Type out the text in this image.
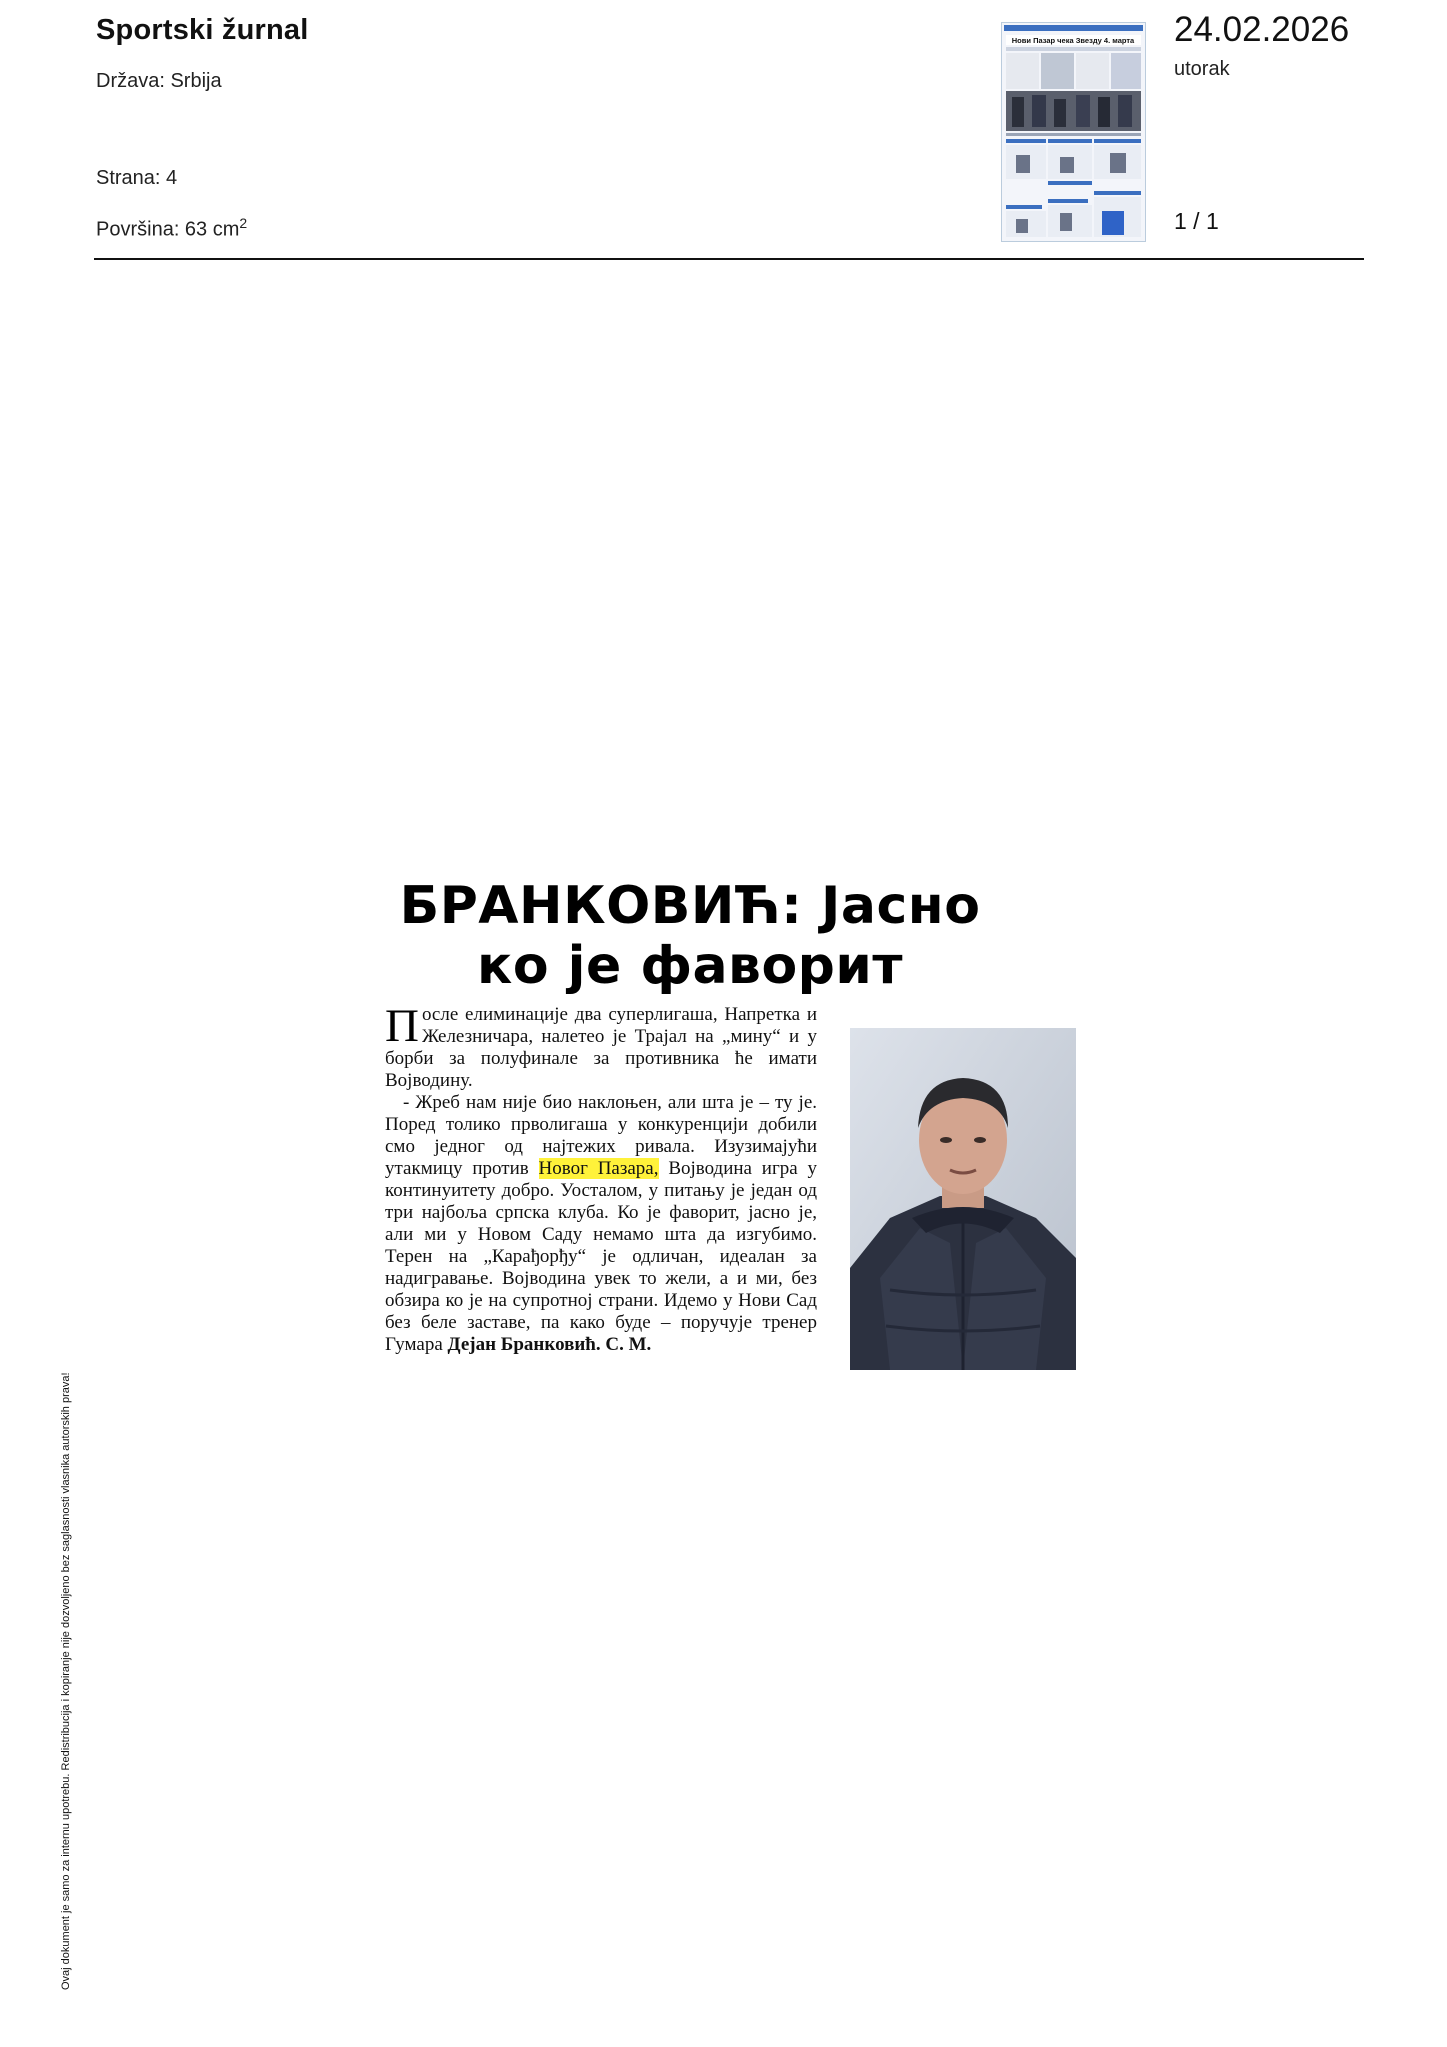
Sportski žurnal
Država: Srbija
Strana: 4
Površina: 63 $cm^2$
Нови Пазар чека Звезду 4. марта 24.02.2026
utorak
1 / 1
БРАНКОВИЋ: Јасно
ко је фаворит

После елиминације два суперлигаша, Напретка и Железничара, налетео је Трајал на „мину“ и у борби за полуфинале за противника ће имати Војводину.

- Жреб нам није био наклоњен, али шта је – ту је. Поред толико прволигаша у конкуренцији добили смо једног од најтежих ривала. Изузимајући утакмицу против Новог Пазара, Војводина игра у континуитету добро. Уосталом, у питању је један од три најбоља српска клуба. Ко је фаворит, јасно је, али ми у Новом Саду немамо шта да изгубимо. Терен на „Карађорђу“ је одличан, идеалан за надигравање. Војводина увек то жели, а и ми, без обзира ко је на супротној страни. Идемо у Нови Сад без беле заставе, па како буде – поручује тренер Гумара Дејан Бранковић. С. М.

Ovaj dokument je samo za internu upotrebu. Redistribucija i kopiranje nije dozvoljeno bez saglasnosti vlasnika autorskih prava!
